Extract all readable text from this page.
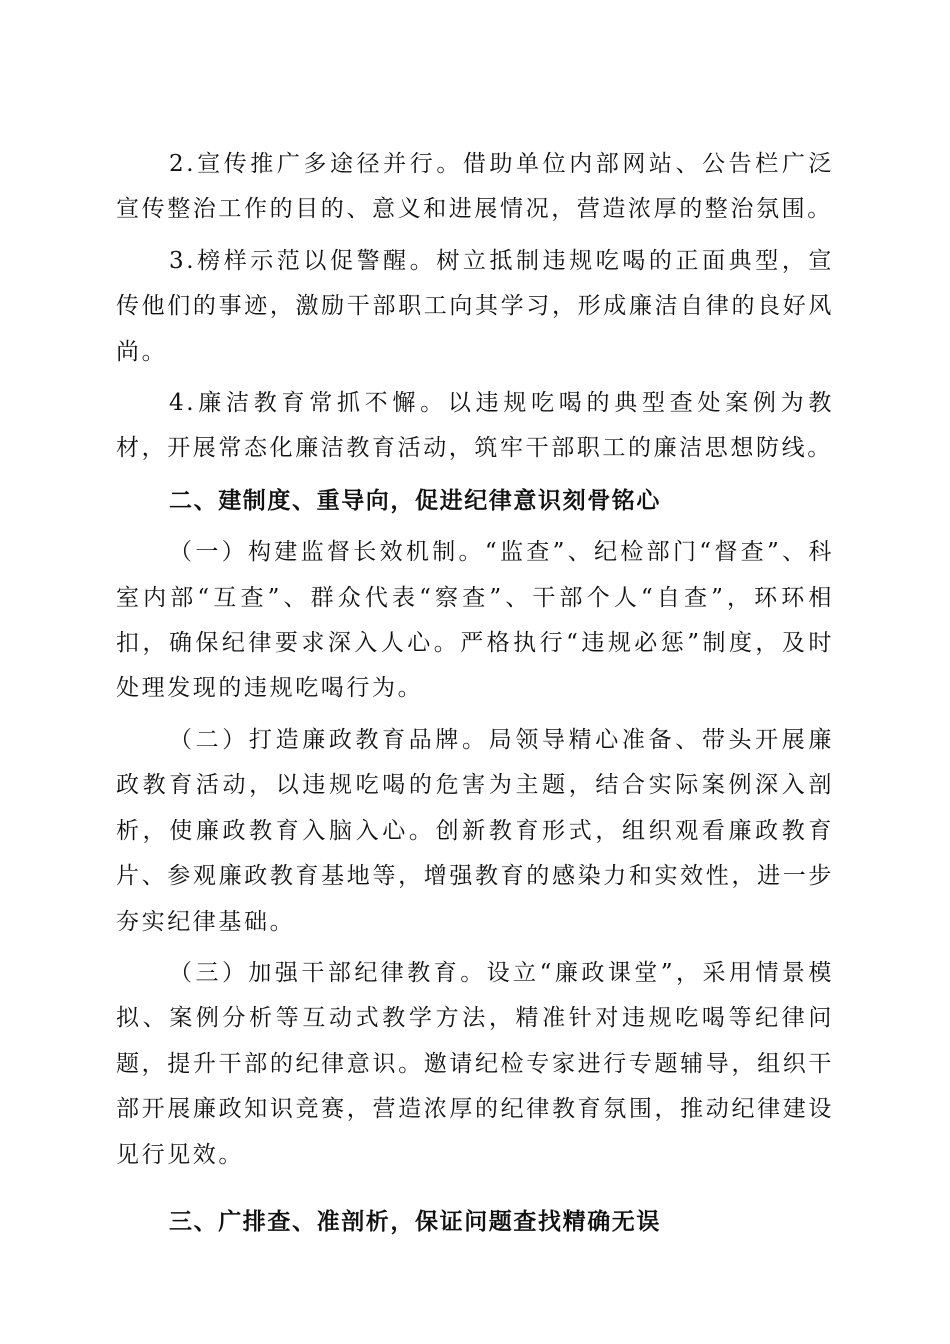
2.宣传推广多途径并行。借助单位内部网站、公告栏广泛宣传整治工作的目的、意义和进展情况，营造浓厚的整治氛围。

3.榜样示范以促警醒。树立抵制违规吃喝的正面典型，宣传他们的事迹，激励干部职工向其学习，形成廉洁自律的良好风尚。

4.廉洁教育常抓不懈。以违规吃喝的典型查处案例为教材，开展常态化廉洁教育活动，筑牢干部职工的廉洁思想防线。

二、建制度、重导向，促进纪律意识刻骨铭心

（一）构建监督长效机制。“监查”、纪检部门“督查”、科室内部“互查”、群众代表“察查”、干部个人“自查”，环环相扣，确保纪律要求深入人心。严格执行“违规必惩”制度，及时处理发现的违规吃喝行为。

（二）打造廉政教育品牌。局领导精心准备、带头开展廉政教育活动，以违规吃喝的危害为主题，结合实际案例深入剖析，使廉政教育入脑入心。创新教育形式，组织观看廉政教育片、参观廉政教育基地等，增强教育的感染力和实效性，进一步夯实纪律基础。

（三）加强干部纪律教育。设立“廉政课堂”，采用情景模拟、案例分析等互动式教学方法，精准针对违规吃喝等纪律问题，提升干部的纪律意识。邀请纪检专家进行专题辅导，组织干部开展廉政知识竞赛，营造浓厚的纪律教育氛围，推动纪律建设见行见效。

三、广排查、准剖析，保证问题查找精确无误
